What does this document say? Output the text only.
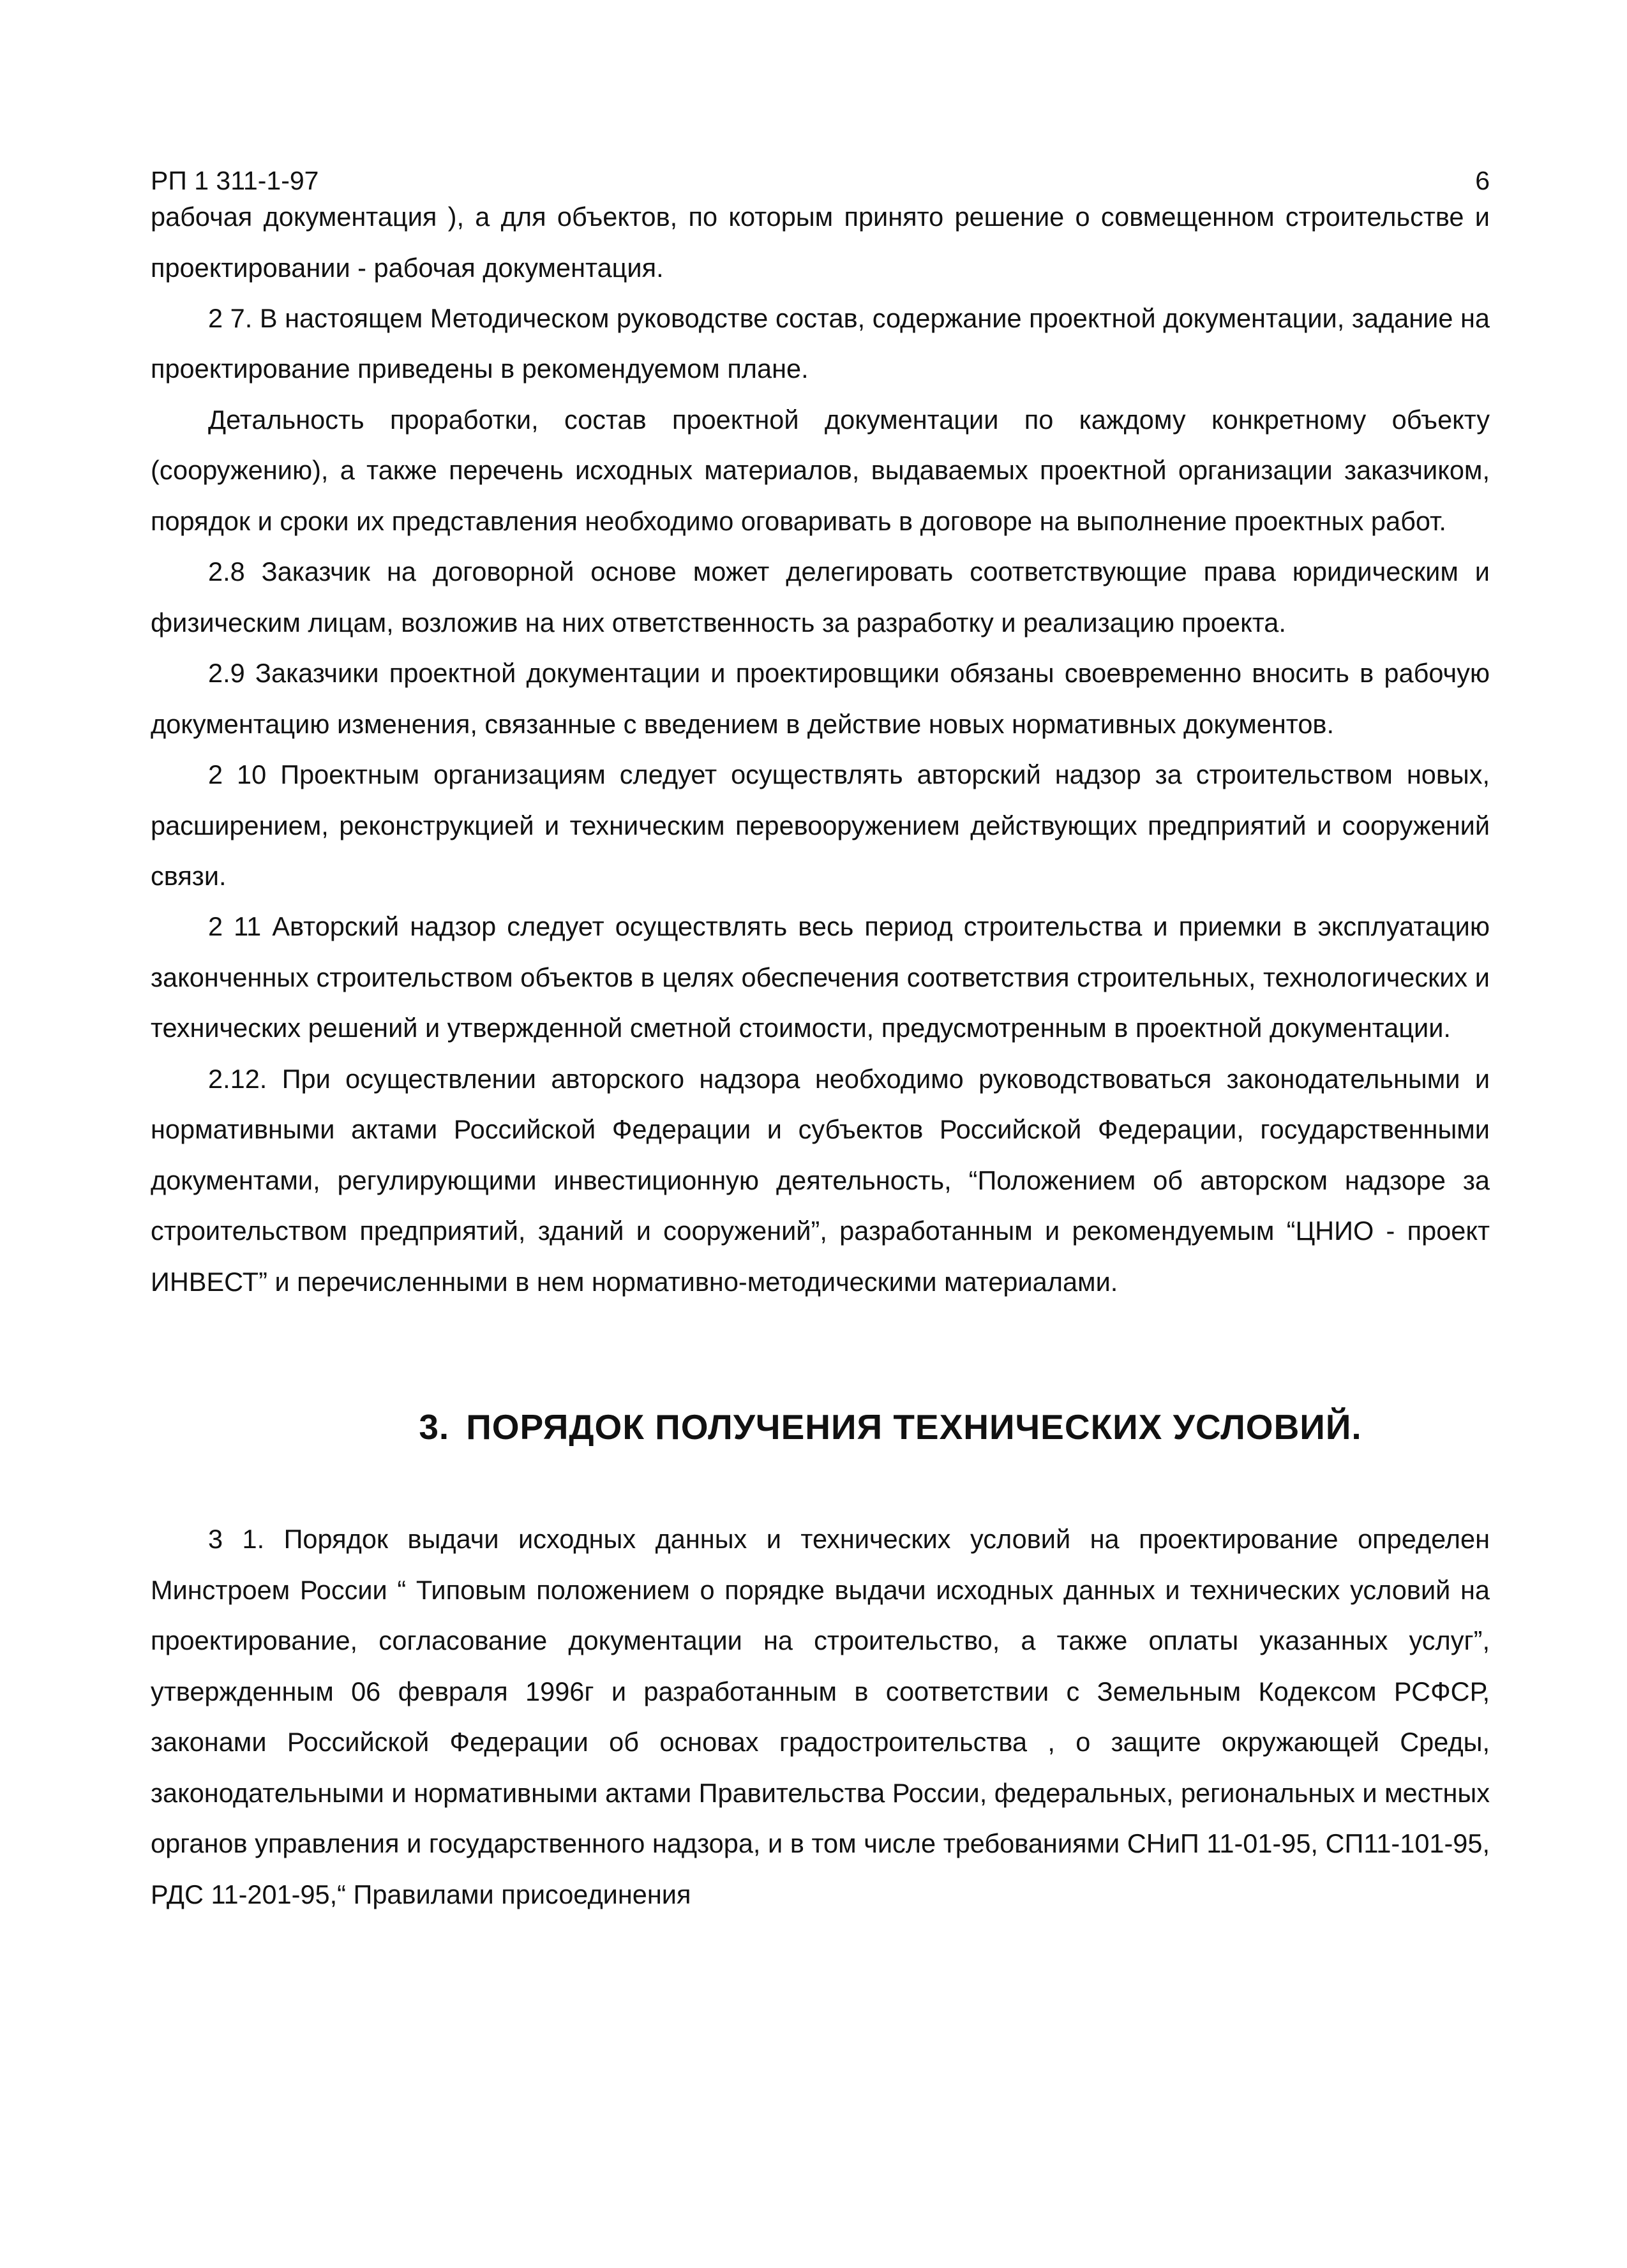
РП 1 311-1-97	6

рабочая документация ), а для объектов, по которым принято решение о совмещенном строительстве и проектировании - рабочая документация.

2 7. В настоящем Методическом руководстве состав, содержание проектной документации, задание на проектирование приведены в рекомендуемом плане.

Детальность проработки, состав проектной документации по каждому конкретному объекту (сооружению), а также перечень исходных материалов, выдаваемых проектной организации заказчиком, порядок и сроки их представления необходимо оговаривать в договоре на выполнение проектных работ.

2.8 Заказчик на договорной основе может делегировать соответствующие права юридическим и физическим лицам, возложив на них ответственность за разработку и реализацию проекта.

2.9 Заказчики проектной документации и проектировщики обязаны своевременно вносить в рабочую документацию изменения, связанные с введением в действие новых нормативных документов.

2 10 Проектным организациям следует осуществлять авторский надзор за строительством новых, расширением, реконструкцией и техническим перевооружением действующих предприятий и сооружений связи.

2 11 Авторский надзор следует осуществлять весь период строительства и приемки в эксплуатацию законченных строительством объектов в целях обеспечения соответствия строительных, технологических и технических решений и утвержденной сметной стоимости, предусмотренным в проектной документации.

2.12. При осуществлении авторского надзора необходимо руководствоваться законодательными и нормативными актами Российской Федерации и субъектов Российской Федерации, государственными документами, регулирующими инвестиционную деятельность, “Положением об авторском надзоре за строительством предприятий, зданий и сооружений”, разработанным и рекомендуемым “ЦНИО - проект ИНВЕСТ” и перечисленными в нем нормативно-методическими материалами.

3. ПОРЯДОК ПОЛУЧЕНИЯ ТЕХНИЧЕСКИХ УСЛОВИЙ.

3 1. Порядок выдачи исходных данных и технических условий на проектирование определен Минстроем России “ Типовым положением о порядке выдачи исходных данных и технических условий на проектирование, согласование документации на строительство, а также оплаты указанных услуг”, утвержденным 06 февраля 1996г и разработанным в соответствии с Земельным Кодексом РСФСР, законами Российской Федерации об основах градостроительства , о защите окружающей Среды, законодательными и нормативными актами Правительства России, федеральных, региональных и местных органов управления и государственного надзора, и в том числе требованиями СНиП 11-01-95, СП11-101-95, РДС 11-201-95,“ Правилами присоединения
